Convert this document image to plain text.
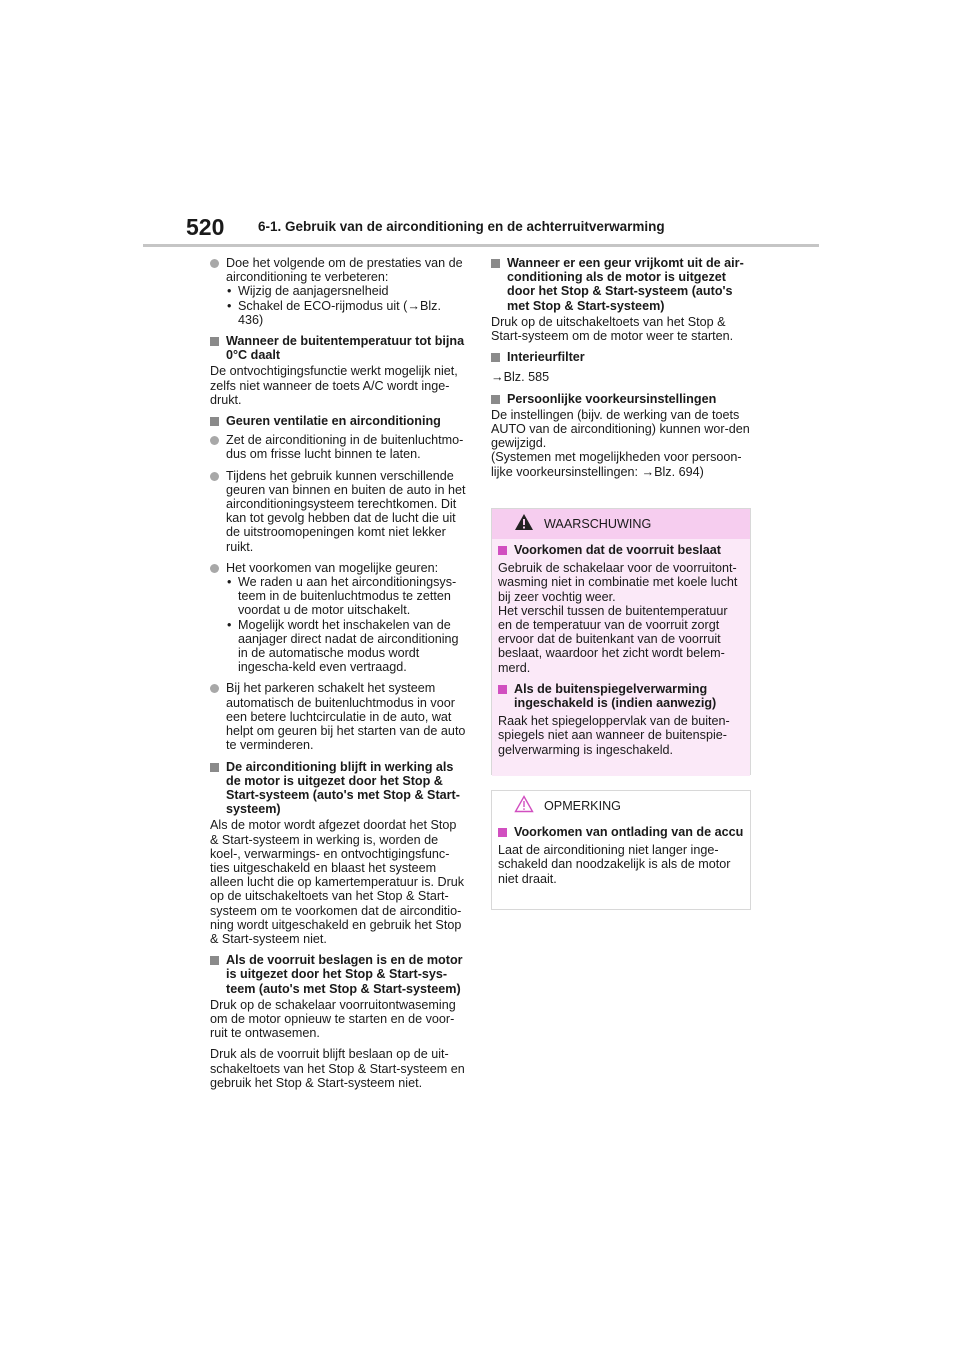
520 6-1. Gebruik van de airconditioning en de achterruitverwarming
Doe het volgende om de prestaties van de airconditioning te verbeteren:
• Wijzig de aanjagersnelheid
• Schakel de ECO-rijmodus uit (→Blz. 436)
Wanneer de buitentemperatuur tot bijna 0°C daalt

De ontvochtigingsfunctie werkt mogelijk niet, zelfs niet wanneer de toets A/C wordt inge-drukt.

Geuren ventilatie en airconditioning
Zet de airconditioning in de buitenluchtmo-dus om frisse lucht binnen te laten.
Tijdens het gebruik kunnen verschillende geuren van binnen en buiten de auto in het airconditioningsysteem terechtkomen. Dit kan tot gevolg hebben dat de lucht die uit de uitstroomopeningen komt niet lekker ruikt.
Het voorkomen van mogelijke geuren:
• We raden u aan het airconditioningsys-teem in de buitenluchtmodus te zetten voordat u de motor uitschakelt.
• Mogelijk wordt het inschakelen van de aanjager direct nadat de airconditioning in de automatische modus wordt ingescha-keld even vertraagd.
Bij het parkeren schakelt het systeem automatisch de buitenluchtmodus in voor een betere luchtcirculatie in de auto, wat helpt om geuren bij het starten van de auto te verminderen.
De airconditioning blijft in werking als de motor is uitgezet door het Stop & Start-systeem (auto's met Stop & Start-systeem)

Als de motor wordt afgezet doordat het Stop & Start-systeem in werking is, worden de koel-, verwarmings- en ontvochtigingsfunc-ties uitgeschakeld en blaast het systeem alleen lucht die op kamertemperatuur is. Druk op de uitschakeltoets van het Stop & Start-systeem om te voorkomen dat de airconditio-ning wordt uitgeschakeld en gebruik het Stop & Start-systeem niet.

Als de voorruit beslagen is en de motor is uitgezet door het Stop & Start-sys-teem (auto's met Stop & Start-systeem)

Druk op de schakelaar voorruitontwaseming om de motor opnieuw te starten en de voor-ruit te ontwasemen.

Druk als de voorruit blijft beslaan op de uit-schakeltoets van het Stop & Start-systeem en gebruik het Stop & Start-systeem niet.

Wanneer er een geur vrijkomt uit de air-conditioning als de motor is uitgezet door het Stop & Start-systeem (auto's met Stop & Start-systeem)

Druk op de uitschakeltoets van het Stop & Start-systeem om de motor weer te starten.

Interieurfilter

→Blz. 585

Persoonlijke voorkeursinstellingen

De instellingen (bijv. de werking van de toets AUTO van de airconditioning) kunnen wor-den gewijzigd.

(Systemen met mogelijkheden voor persoon-lijke voorkeursinstellingen: →Blz. 694)

WAARSCHUWING
Voorkomen dat de voorruit beslaat

Gebruik de schakelaar voor de voorruitont-wasming niet in combinatie met koele lucht bij zeer vochtig weer.

Het verschil tussen de buitentemperatuur en de temperatuur van de voorruit zorgt ervoor dat de buitenkant van de voorruit beslaat, waardoor het zicht wordt belem-merd.

Als de buitenspiegelverwarming ingeschakeld is (indien aanwezig)

Raak het spiegeloppervlak van de buiten-spiegels niet aan wanneer de buitenspie-gelverwarming is ingeschakeld.

OPMERKING
Voorkomen van ontlading van de accu

Laat de airconditioning niet langer inge-schakeld dan noodzakelijk is als de motor niet draait.
